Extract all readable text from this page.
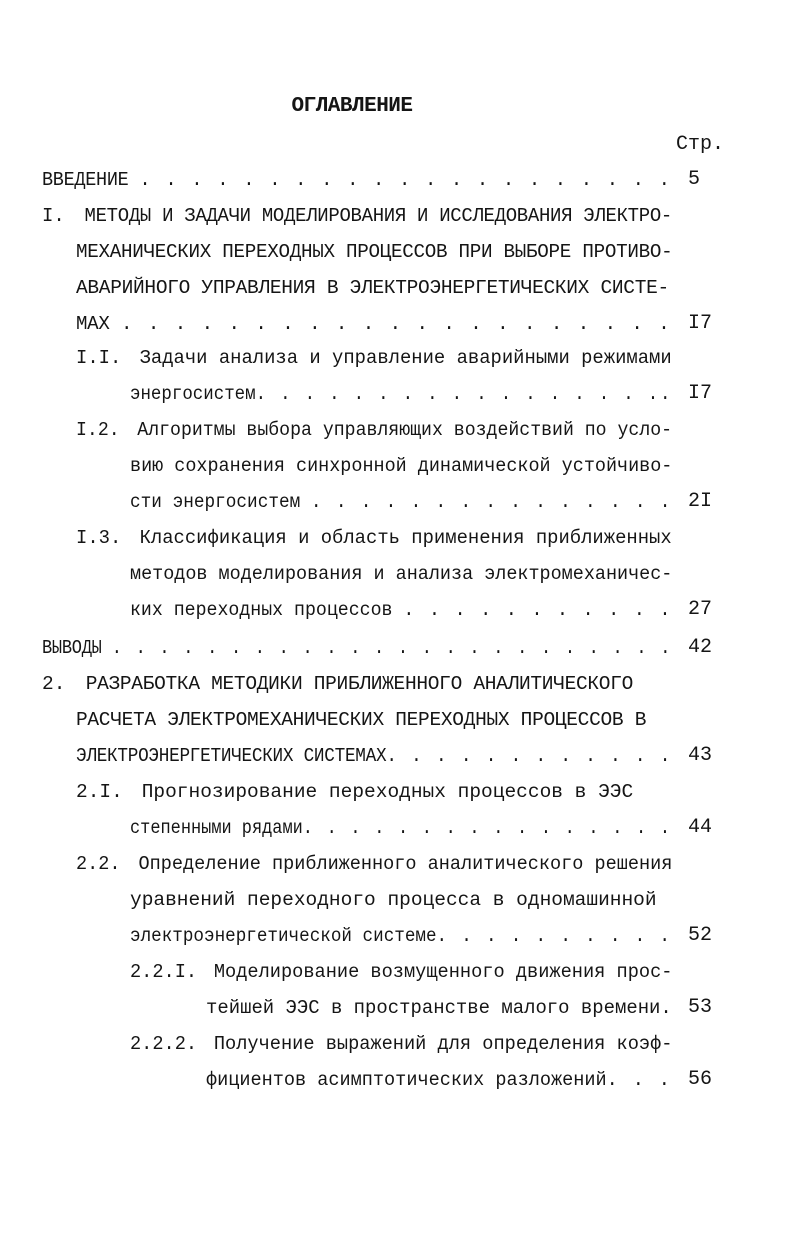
ОГЛАВЛЕНИЕ
Стр.
ВВЕДЕНИЕ . . . . . . . . . . . . . . . . . . . . . 5
I. МЕТОДЫ И ЗАДАЧИ МОДЕЛИРОВАНИЯ И ИССЛЕДОВАНИЯ ЭЛЕКТРО-
МЕХАНИЧЕСКИХ ПЕРЕХОДНЫХ ПРОЦЕССОВ ПРИ ВЫБОРЕ ПРОТИВО-
АВАРИЙНОГО УПРАВЛЕНИЯ В ЭЛЕКТРОЭНЕРГЕТИЧЕСКИХ СИСТЕ-
МАХ . . . . . . . . . . . . . . . . . . . . . I7
I.I. Задачи анализа и управление аварийными режимами
энергосистем. . . . . . . . . . . . . . . . .. I7
I.2. Алгоритмы выбора управляющих воздействий по усло-
вию сохранения синхронной динамической устойчиво-
сти энергосистем . . . . . . . . . . . . . . . 2I
I.3. Классификация и область применения приближенных
методов моделирования и анализа электромеханичес-
ких переходных процессов . . . . . . . . . . . 27
ВЫВОДЫ . . . . . . . . . . . . . . . . . . . . . . . . 42
2. РАЗРАБОТКА МЕТОДИКИ ПРИБЛИЖЕННОГО АНАЛИТИЧЕСКОГО
РАСЧЕТА ЭЛЕКТРОМЕХАНИЧЕСКИХ ПЕРЕХОДНЫХ ПРОЦЕССОВ В
ЭЛЕКТРОЭНЕРГЕТИЧЕСКИХ СИСТЕМАХ. . . . . . . . . . . . 43
2.I. Прогнозирование переходных процессов в ЭЭС
степенными рядами. . . . . . . . . . . . . . . . 44
2.2. Определение приближенного аналитического решения
уравнений переходного процесса в одномашинной
электроэнергетической системе. . . . . . . . . . 52
2.2.I. Моделирование возмущенного движения прос-
тейшей ЭЭС в пространстве малого времени. 53
2.2.2. Получение выражений для определения коэф-
фициентов асимптотических разложений. . . 56
